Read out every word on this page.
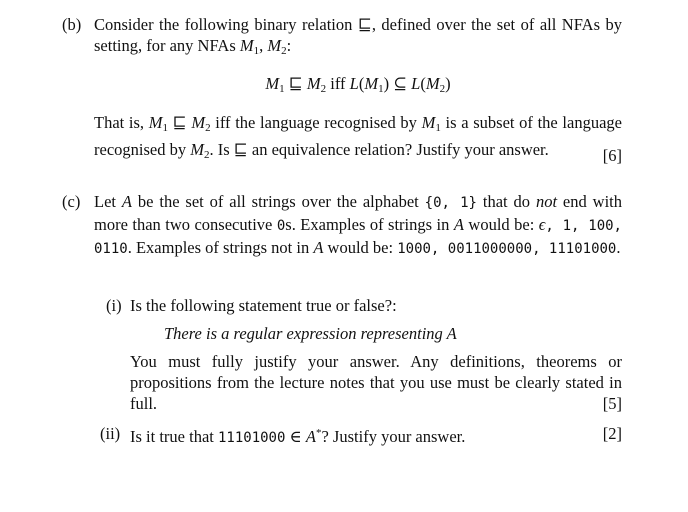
(b) Consider the following binary relation ⊑, defined over the set of all NFAs by setting, for any NFAs $M_1$, $M_2$:
$M_1$ ⊑ $M_2$ iff $L(M_1)$ ⊆ $L(M_2)$
That is, $M_1$ ⊑ $M_2$ iff the language recognised by $M_1$ is a subset of the language recognised by $M_2$. Is ⊑ an equivalence relation? Justify your answer.	[6]
(c) Let A be the set of all strings over the alphabet {0, 1} that do not end with more than two consecutive 0s. Examples of strings in A would be: ϵ, 1, 100, 0110. Examples of strings not in A would be: 1000, 0011000000, 11101000.
(i) Is the following statement true or false?:
There is a regular expression representing A
You must fully justify your answer. Any definitions, theorems or propositions from the lecture notes that you use must be clearly stated in full.	[5]
(ii) Is it true that 11101000 ∈ A*? Justify your answer.	[2]
